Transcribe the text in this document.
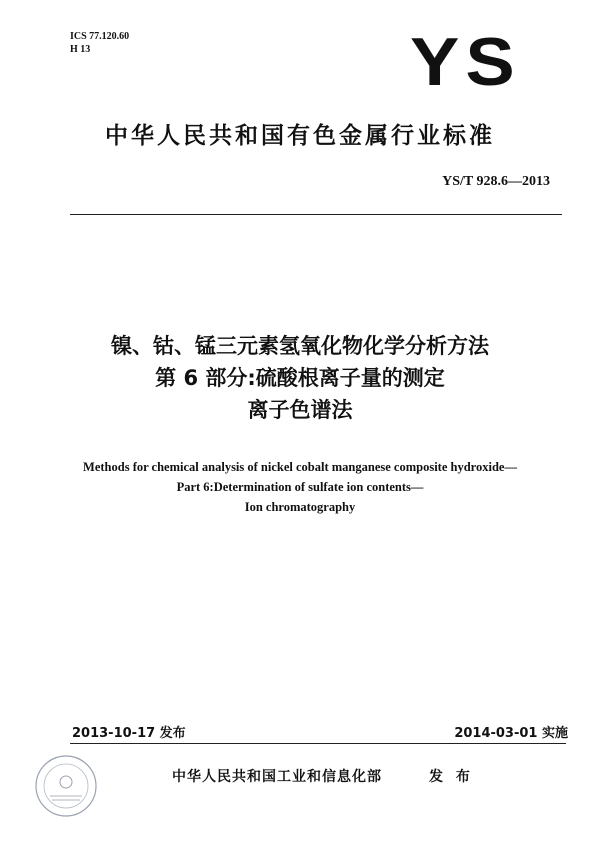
ICS 77.120.60
H 13	YS
中华人民共和国有色金属行业标准
YS/T 928.6—2013
镍、钴、锰三元素氢氧化物化学分析方法
第 6 部分:硫酸根离子量的测定
离子色谱法
Methods for chemical analysis of nickel cobalt manganese composite hydroxide—
Part 6:Determination of sulfate ion contents—
Ion chromatography
2013-10-17 发布	2014-03-01 实施
中华人民共和国工业和信息化部	发 布
